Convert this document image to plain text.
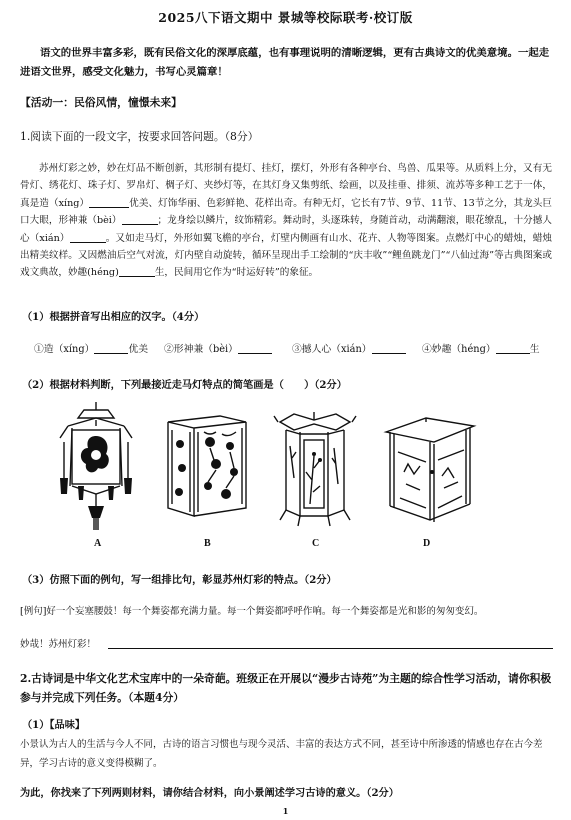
2025八下语文期中 景城等校际联考·校订版
语文的世界丰富多彩，既有民俗文化的深厚底蕴，也有事理说明的清晰逻辑，更有古典诗文的优美意境。一起走进语文世界，感受文化魅力，书写心灵篇章！
【活动一：民俗风情，憧憬未来】
1.阅读下面的一段文字，按要求回答问题。（8分）
苏州灯彩之妙，妙在灯品不断创新，其形制有提灯、挂灯，摆灯，外形有各种亭台、鸟兽、瓜果等。从质料上分，又有无骨灯、绣花灯、珠子灯、罗帛灯、椆子灯、夹纱灯等，在其灯身又集剪纸、绘画，以及挂垂、排须、流苏等多种工艺于一体，真是造（xíng）	优美、灯饰华丽、色彩鲜艳、花样出奇。有种无灯，它长有7节、9节、11节、13节之分，其龙头巨口大眼，形神兼（bèi）	；龙身绘以鳞片，纹饰精彩。舞动时，头逐珠转，身随首动，动满翻滚，眼花缭乱，十分撼人心（xián）	。又如走马灯，外形如翼飞檐的亭台，灯壁内侧画有山水、花卉、人物等图案。点燃灯中心的蜡烛，蜡烛出精美纹样。又因燃油后空气对流，灯内壁自动旋转，循环呈现出手工绘制的“庆丰收”“鲤鱼跳龙门”“八仙过海”等古典图案或戏文典故，妙趣(héng)	生，民间用它作为“时运好转”的象征。
（1）根据拼音写出相应的汉字。（4分）
①造（xíng）	优美 ②形神兼（bèi）	③撼人心（xián）	④妙趣（héng）	生
（2）根据材料判断，下列最接近走马灯特点的简笔画是（　　）（2分）
A	B	C	D
（3）仿照下面的例句，写一组排比句，彰显苏州灯彩的特点。（2分）
[例句]好一个妄塞腰鼓！每一个舞姿都充满力量。每一个舞姿都呼呼作响。每一个舞姿都是光和影的匆匆变幻。
妙哉！苏州灯彩！
2.古诗词是中华文化艺术宝库中的一朵奇葩。班级正在开展以“漫步古诗苑”为主题的综合性学习活动，请你积极参与并完成下列任务。（本题4分）
（1）【品味】
小景认为古人的生活与今人不同，古诗的语言习惯也与现今灵活、丰富的表达方式不同，甚至诗中所渗透的情感也存在古今差异，学习古诗的意义变得模糊了。
为此，你找来了下列两则材料，请你结合材料，向小景阐述学习古诗的意义。（2分）
1
